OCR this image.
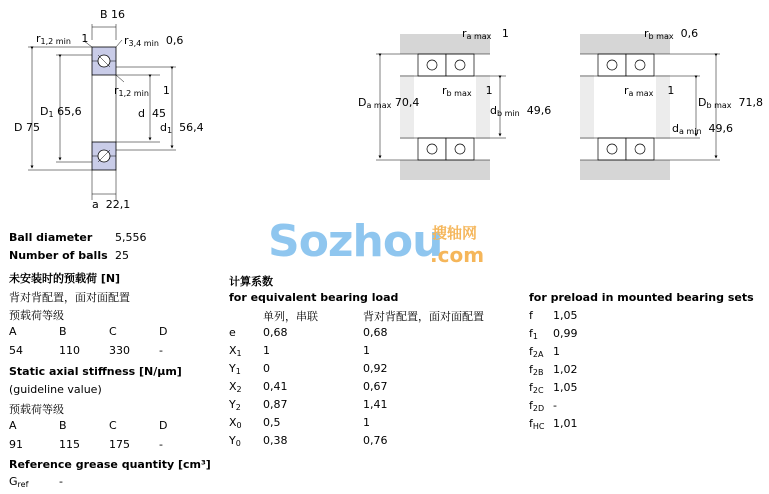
B 16
$r_{1,2 min}$ 1	$r_{3,4 min}$ 0,6
$r_{1,2 min}$ 1
$D_1$ 65,6
D 75
d 45
$d_1$ 56,4
a 22,1
$r_{a max}$ 1
$r_{b max}$ 1
$D_{a max}$ 70,4
$d_{b min}$ 49,6
$r_{b max}$ 0,6
$r_{a max}$ 1
$D_{b max}$ 71,8
$d_{a min}$ 49,6
Sozhou
搜轴网
.com
Ball diameter 5,556
Number of balls 25
未安装时的预载荷 [N]
背对背配置，面对面配置
预载荷等级
A	B	C	D
54	110	330	-
Static axial stiffness [N/μm]
(guideline value)
预载荷等级
A	B	C	D
91	115	175	-
Reference grease quantity [cm³]
$G_{ref}$	-
计算系数
for equivalent bearing load
单列，串联	背对背配置，面对面配置
e 0,68	0,68
$X_1$ 1	1
$Y_1$ 0	0,92
$X_2$ 0,41	0,67
$Y_2$ 0,87	1,41
$X_0$ 0,5	1
$Y_0$ 0,38	0,76
for preload in mounted bearing sets
f 1,05
$f_1$ 0,99
$f_{2A}$ 1
$f_{2B}$ 1,02
$f_{2C}$ 1,05
$f_{2D}$ -
$f_{HC}$ 1,01
